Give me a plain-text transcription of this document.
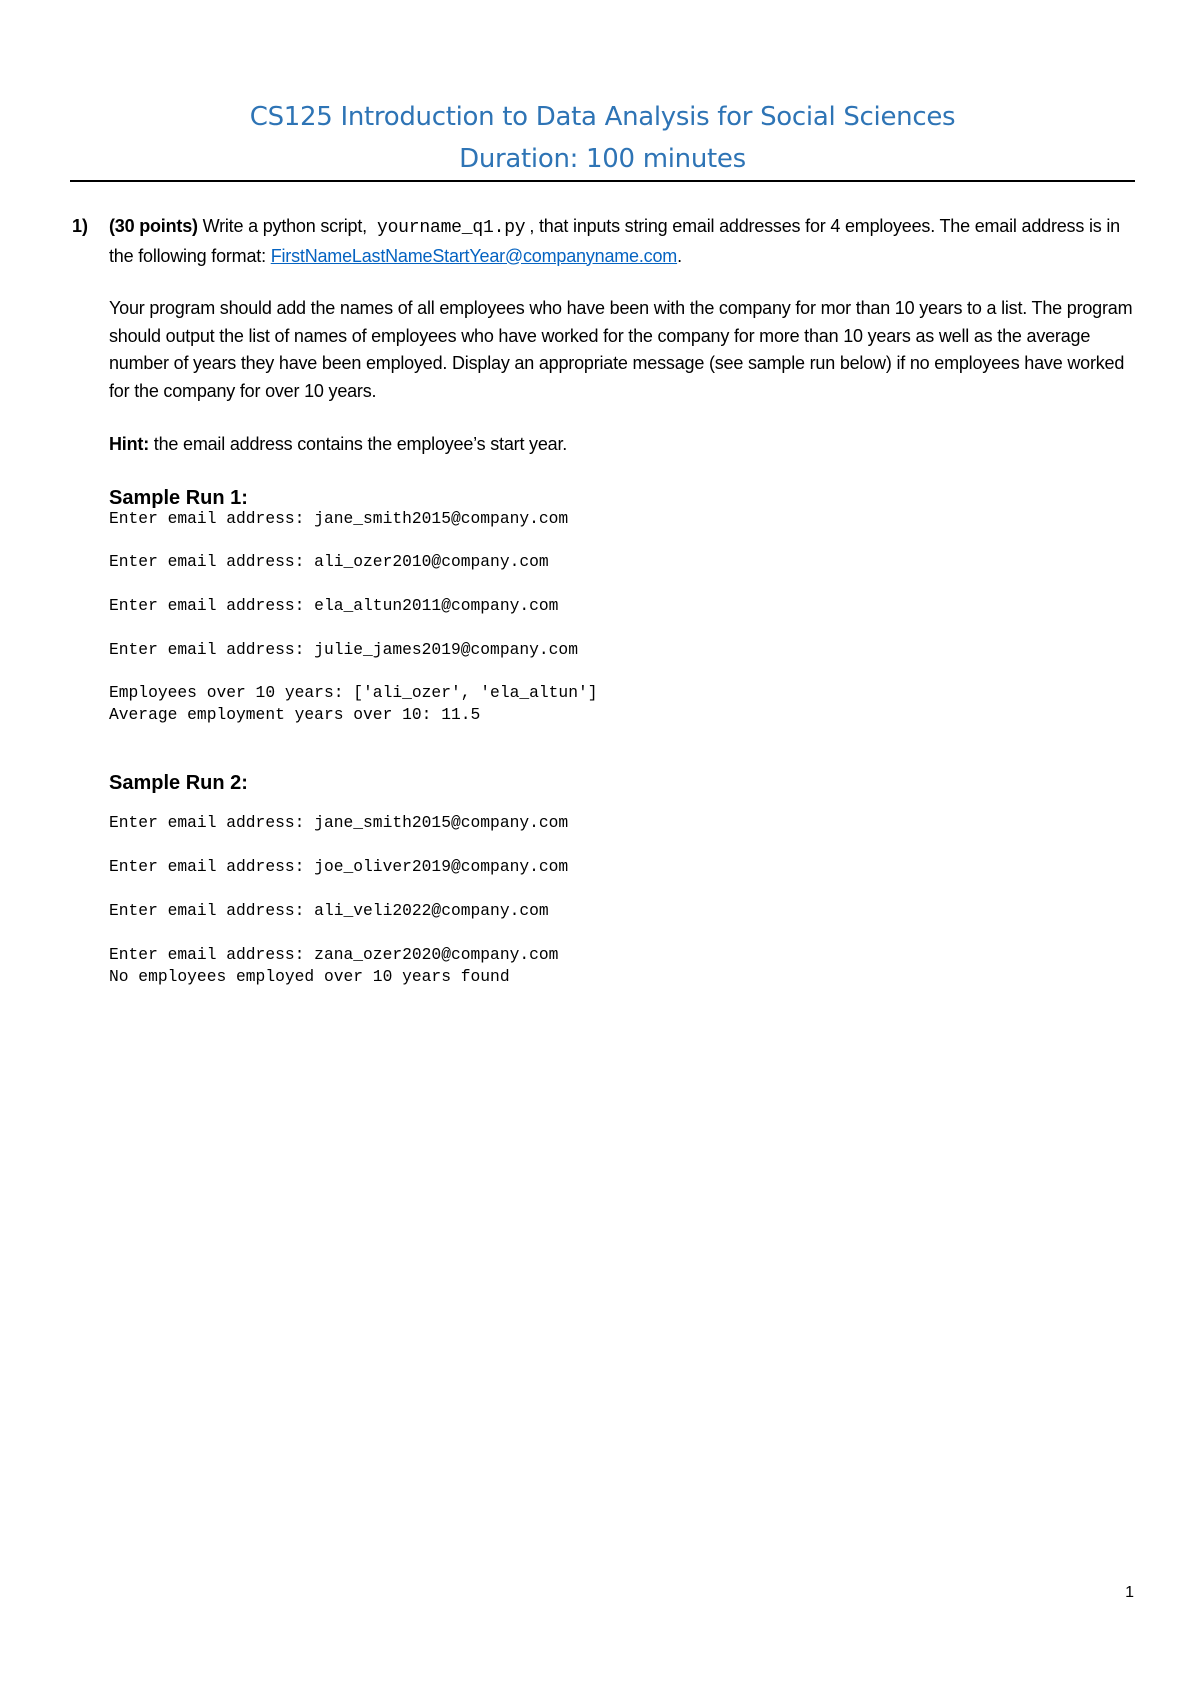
CS125 Introduction to Data Analysis for Social Sciences
Duration: 100 minutes
1) (30 points) Write a python script, yourname_q1.py , that inputs string email addresses for 4 employees. The email address is in the following format: FirstNameLastNameStartYear@companyname.com.
Your program should add the names of all employees who have been with the company for mor than 10 years to a list. The program should output the list of names of employees who have worked for the company for more than 10 years as well as the average number of years they have been employed. Display an appropriate message (see sample run below) if no employees have worked for the company for over 10 years.
Hint: the email address contains the employee’s start year.
Sample Run 1:
Enter email address: jane_smith2015@company.com
Enter email address: ali_ozer2010@company.com
Enter email address: ela_altun2011@company.com
Enter email address: julie_james2019@company.com
Employees over 10 years: ['ali_ozer', 'ela_altun']
Average employment years over 10: 11.5
Sample Run 2:
Enter email address: jane_smith2015@company.com
Enter email address: joe_oliver2019@company.com
Enter email address: ali_veli2022@company.com
Enter email address: zana_ozer2020@company.com
No employees employed over 10 years found
1
